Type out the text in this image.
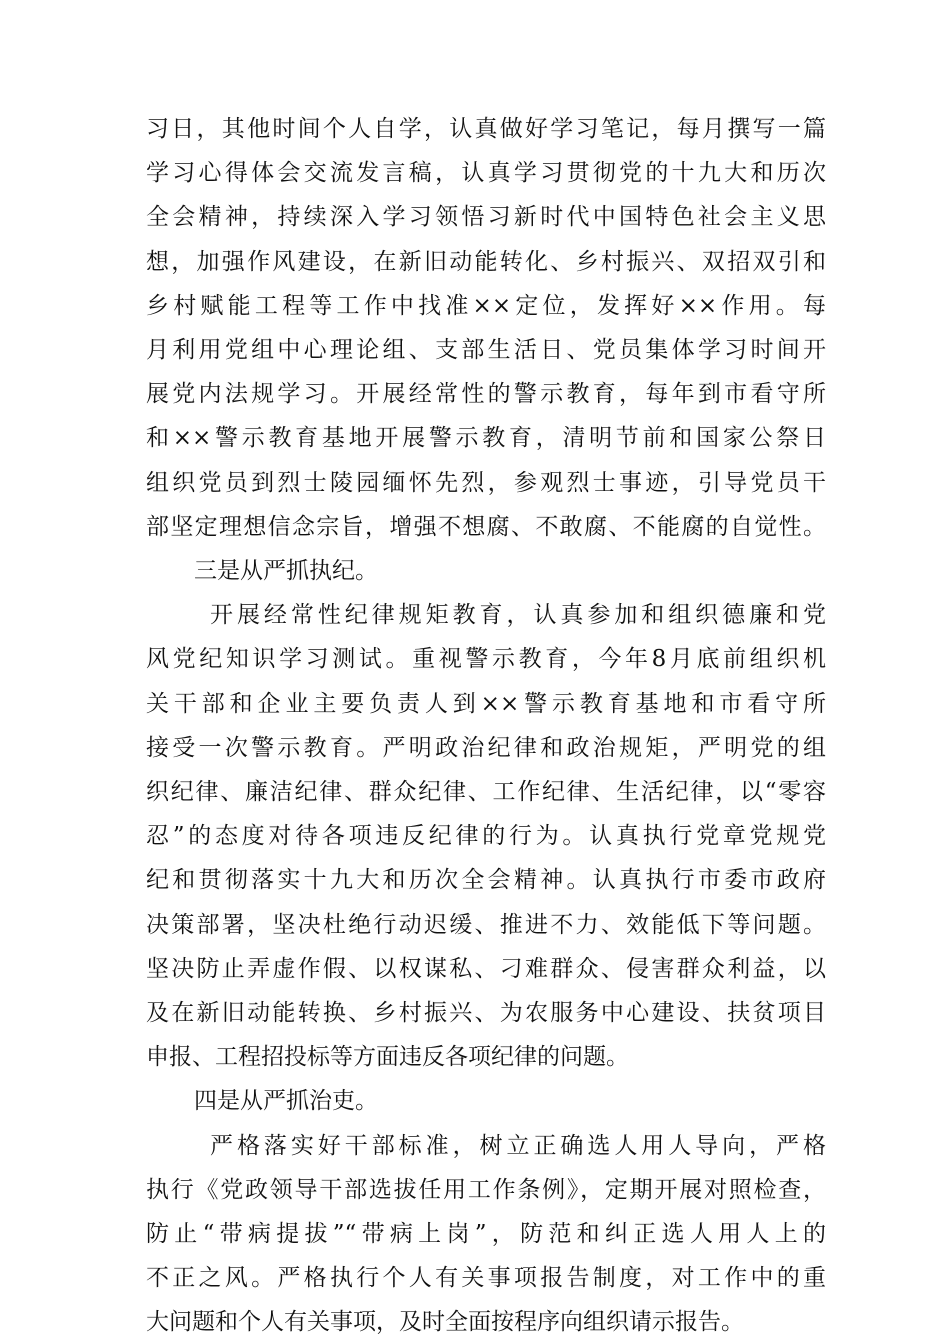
习日，其他时间个人自学，认真做好学习笔记，每月撰写一篇
学习心得体会交流发言稿，认真学习贯彻党的十九大和历次
全会精神，持续深入学习领悟习新时代中国特色社会主义思
想，加强作风建设，在新旧动能转化、乡村振兴、双招双引和
乡村赋能工程等工作中找准××定位，发挥好××作用。每
月利用党组中心理论组、支部生活日、党员集体学习时间开
展党内法规学习。开展经常性的警示教育，每年到市看守所
和××警示教育基地开展警示教育，清明节前和国家公祭日
组织党员到烈士陵园缅怀先烈，参观烈士事迹，引导党员干
部坚定理想信念宗旨，增强不想腐、不敢腐、不能腐的自觉性。
三是从严抓执纪。
开展经常性纪律规矩教育，认真参加和组织德廉和党
风党纪知识学习测试。重视警示教育，今年8月底前组织机
关干部和企业主要负责人到××警示教育基地和市看守所
接受一次警示教育。严明政治纪律和政治规矩，严明党的组
织纪律、廉洁纪律、群众纪律、工作纪律、生活纪律，以“零容
忍”的态度对待各项违反纪律的行为。认真执行党章党规党
纪和贯彻落实十九大和历次全会精神。认真执行市委市政府
决策部署，坚决杜绝行动迟缓、推进不力、效能低下等问题。
坚决防止弄虚作假、以权谋私、刁难群众、侵害群众利益，以
及在新旧动能转换、乡村振兴、为农服务中心建设、扶贫项目
申报、工程招投标等方面违反各项纪律的问题。
四是从严抓治吏。
严格落实好干部标准，树立正确选人用人导向，严格
执行《党政领导干部选拔任用工作条例》，定期开展对照检查，
防止“带病提拔”“带病上岗”，防范和纠正选人用人上的
不正之风。严格执行个人有关事项报告制度，对工作中的重
大问题和个人有关事项，及时全面按程序向组织请示报告。
